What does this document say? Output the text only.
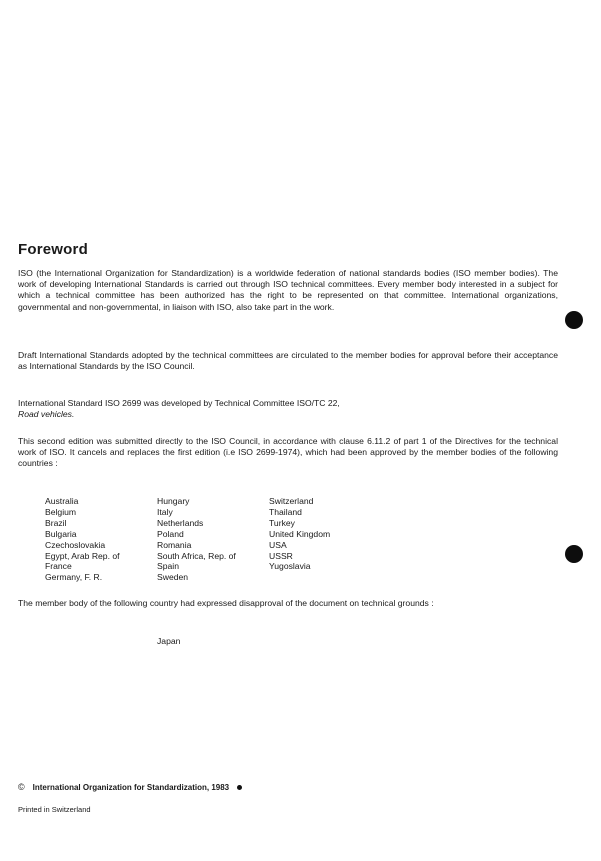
Foreword

ISO (the International Organization for Standardization) is a worldwide federation of national standards bodies (ISO member bodies). The work of developing International Standards is carried out through ISO technical committees. Every member body interested in a subject for which a technical committee has been authorized has the right to be represented on that committee. International organizations, governmental and non-governmental, in liaison with ISO, also take part in the work.

Draft International Standards adopted by the technical committees are circulated to the member bodies for approval before their acceptance as International Standards by the ISO Council.

International Standard ISO 2699 was developed by Technical Committee ISO/TC 22,
Road vehicles.

This second edition was submitted directly to the ISO Council, in accordance with clause 6.11.2 of part 1 of the Directives for the technical work of ISO. It cancels and replaces the first edition (i.e ISO 2699-1974), which had been approved by the member bodies of the following countries :

Australia
Belgium
Brazil
Bulgaria
Czechoslovakia
Egypt, Arab Rep. of
France
Germany, F. R.
Hungary
Italy
Netherlands
Poland
Romania
South Africa, Rep. of
Spain
Sweden
Switzerland
Thailand
Turkey
United Kingdom
USA
USSR
Yugoslavia

The member body of the following country had expressed disapproval of the document on technical grounds :

Japan
© International Organization for Standardization, 1983
Printed in Switzerland
